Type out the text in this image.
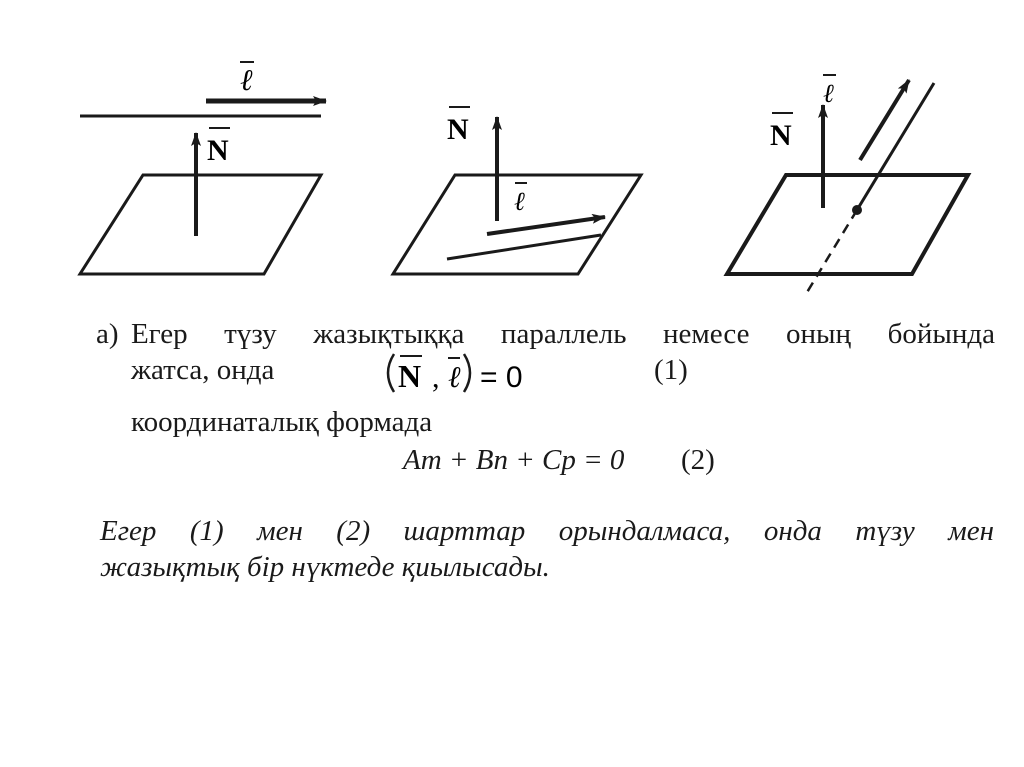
N
ℓ
N
ℓ
N
ℓ
а) Егер түзу жазықтыққа параллель немесе оның бойында
жатса, онда	N , ℓ = 0	(1)
координаталық формада
Am + Bn + Cp = 0 (2)
Егер (1) мен (2) шарттар орындалмаса, онда түзу мен
жазықтық бір нүктеде қиылысады.
